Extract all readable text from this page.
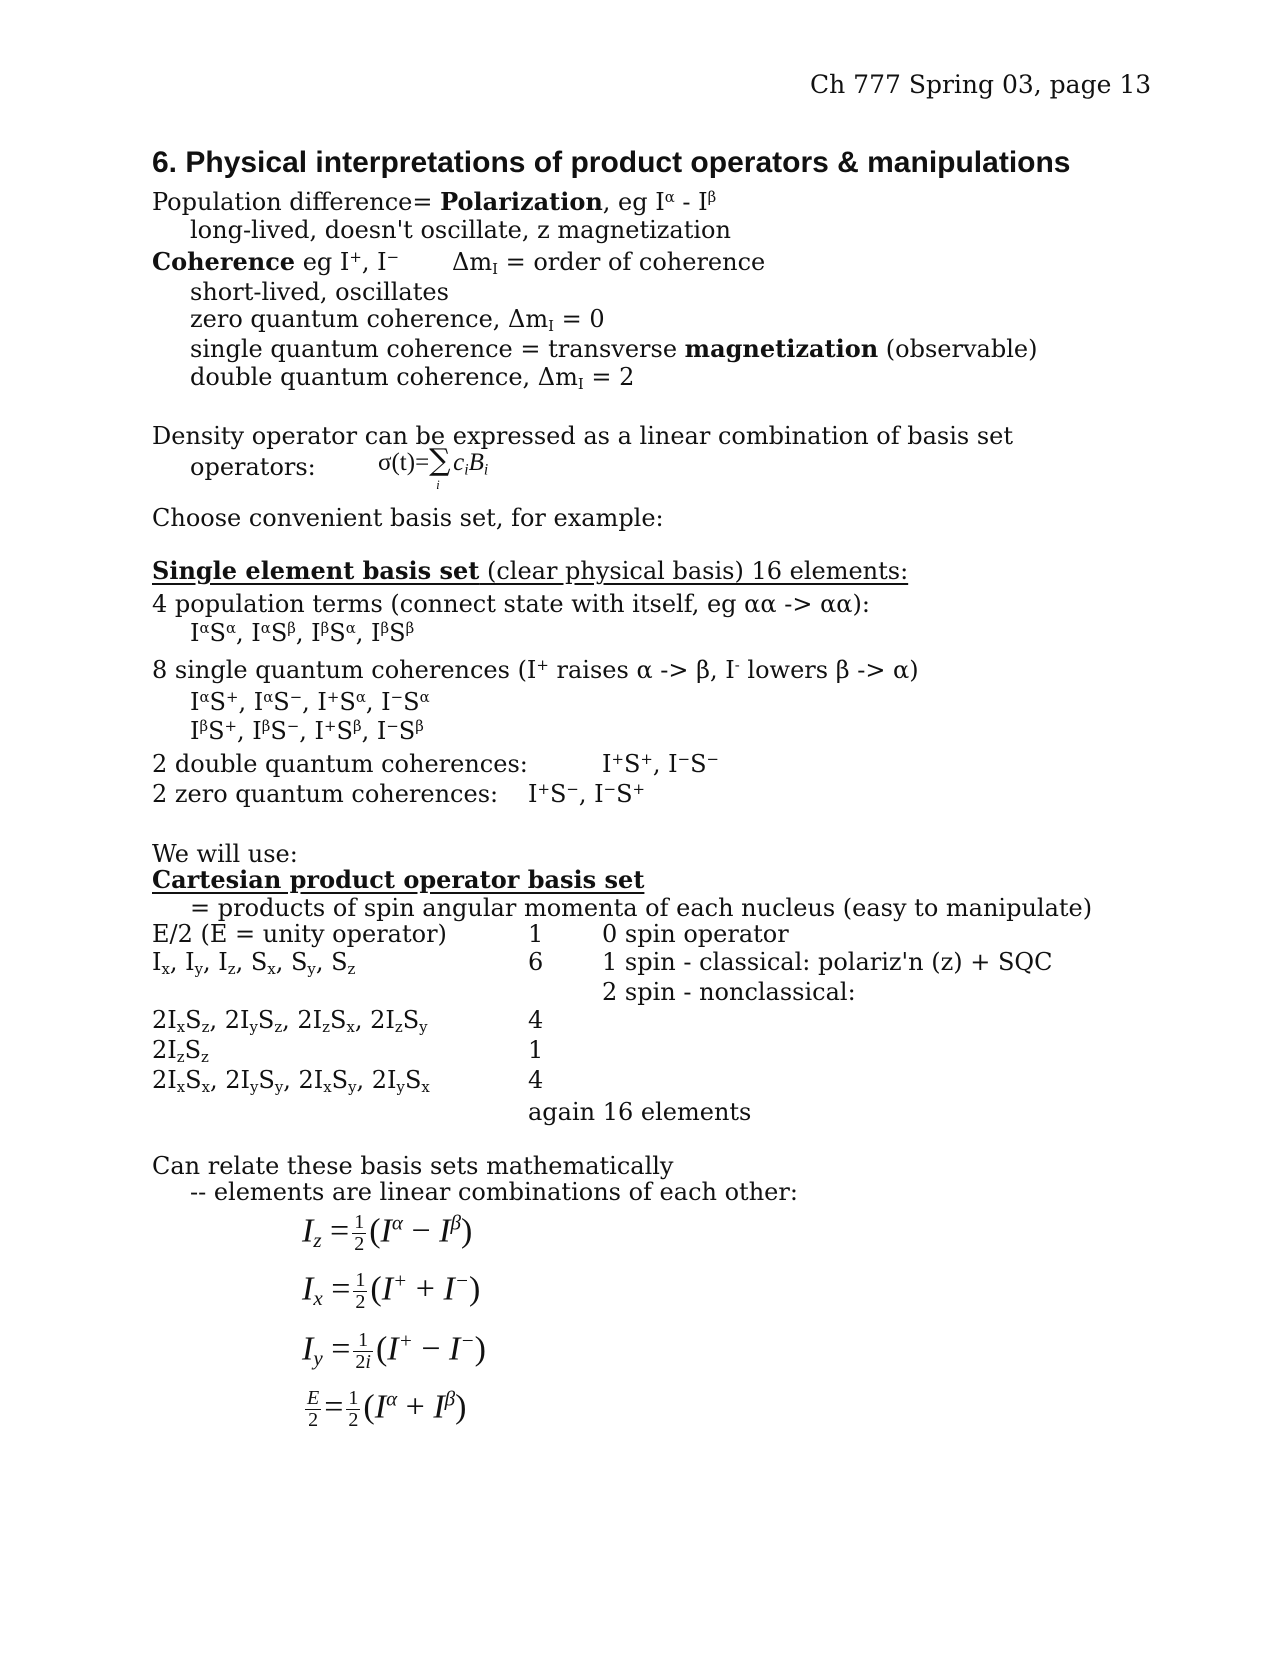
Ch 777 Spring 03, page 13
6. Physical interpretations of product operators & manipulations
Population difference= Polarization, eg $I^\alpha - I^\beta$
long-lived, doesn't oscillate, z magnetization
Coherence eg I+, I− $\Delta m_I$ = order of coherence
short-lived, oscillates
zero quantum coherence, $\Delta m_I = 0$
single quantum coherence = transverse magnetization (observable)
double quantum coherence, $\Delta m_I = 2$
Density operator can be expressed as a linear combination of basis set
operators: σ(t)=∑
i
$c_iB_i$
Choose convenient basis set, for example:
Single element basis set (clear physical basis) 16 elements:
4 population terms (connect state with itself, eg αα -> αα):
$I^\alpha S^\alpha$, $I^\alpha S^\beta$, $I^\beta S^\alpha$, $I^\beta S^\beta$
8 single quantum coherences (I+ raises α -> β, I- lowers β -> α)
$I^\alpha S^+$, $I^\alpha S^-$, $I^+S^\alpha$, $I^-S^\alpha$
$I^\beta S^+$, $I^\beta S^-$, $I^+S^\beta$, $I^-S^\beta$
2 double quantum coherences:	I+S+, I−S−
2 zero quantum coherences: I+S−, I−S+
We will use:
Cartesian product operator basis set
= products of spin angular momenta of each nucleus (easy to manipulate)
E/2 (E = unity operator)	1 0 spin operator
$I_x$, $I_y$, $I_z$, $S_x$, $S_y$, $S_z$	6 1 spin - classical: polariz'n (z) + SQC
2 spin - nonclassical:
$2I_xS_z$, $2I_yS_z$, $2I_zS_x$, $2I_zS_y$	4
$2I_zS_z$	1
$2I_xS_x$, $2I_yS_y$, $2I_xS_y$, $2I_yS_x$	4
again 16 elements
Can relate these basis sets mathematically
-- elements are linear combinations of each other:
$I_z = \frac{1}{2} (I^\alpha - I^\beta)$
$I_x = \frac{1}{2} (I^+ + I^-)$
$I_y = \frac{1}{2i} (I^+ - I^-)$
$\frac{E}{2} = \frac{1}{2} (I^\alpha + I^\beta)$
